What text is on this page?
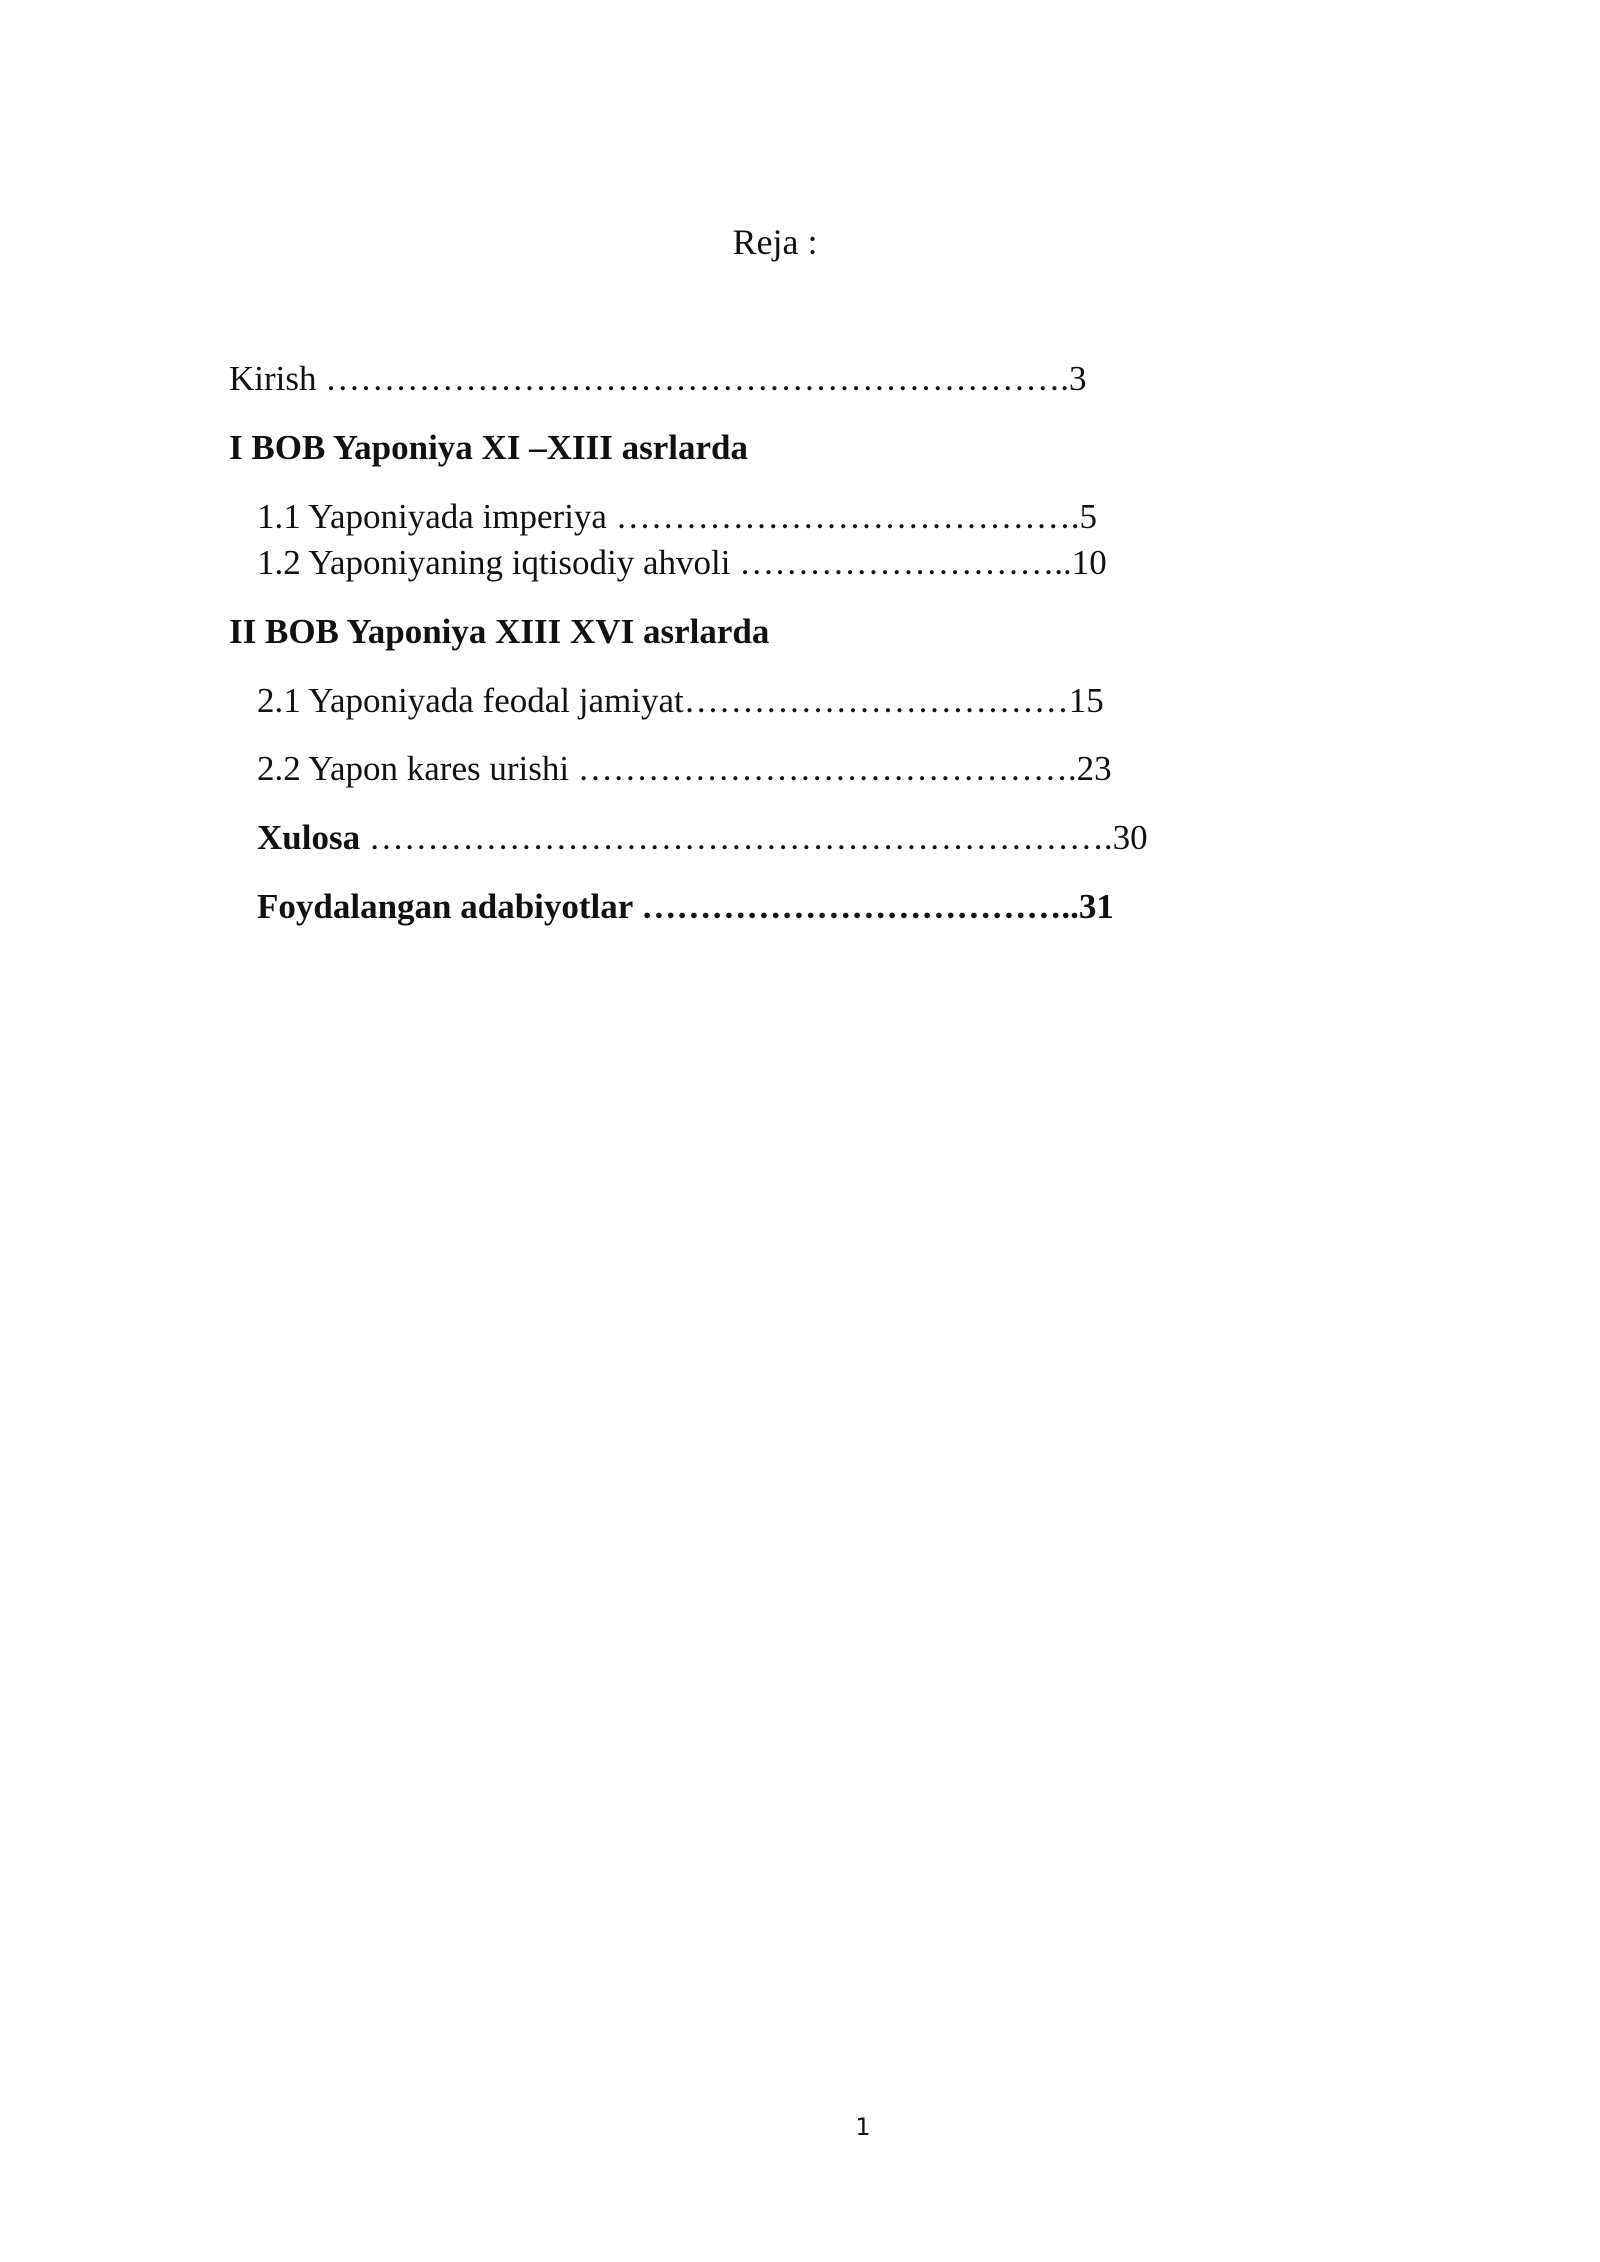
Reja :
Kirish ……………………………………………………….3
I BOB Yaponiya XI –XIII asrlarda
1.1 Yaponiyada imperiya ………………………………….5
1.2 Yaponiyaning iqtisodiy ahvoli ………………………..10
II BOB Yaponiya XIII XVI asrlarda
2.1 Yaponiyada feodal jamiyat……………………………15
2.2 Yapon kares urishi …………………………………….23
Xulosa ……………………………………………………….30
Foydalangan adabiyotlar ………………………………..31
1
